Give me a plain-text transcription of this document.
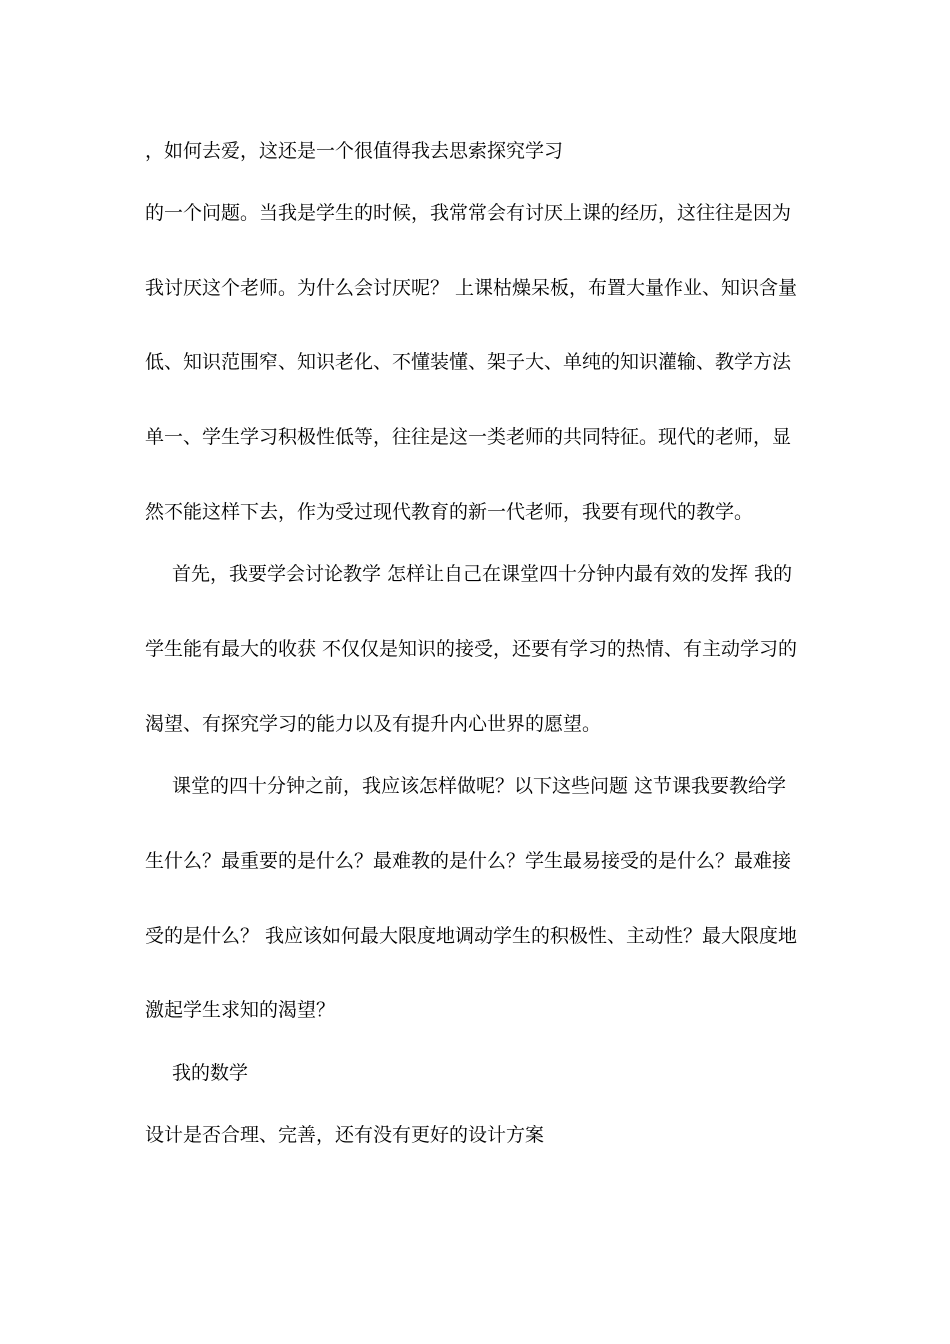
，如何去爱，这还是一个很值得我去思索探究学习
的一个问题。当我是学生的时候，我常常会有讨厌上课的经历，这往往是因为
我讨厌这个老师。为什么会讨厌呢？ 上课枯燥呆板，布置大量作业、知识含量
低、知识范围窄、知识老化、不懂装懂、架子大、单纯的知识灌输、教学方法
单一、学生学习积极性低等，往往是这一类老师的共同特征。现代的老师，显
然不能这样下去，作为受过现代教育的新一代老师，我要有现代的教学。
首先，我要学会讨论教学 怎样让自己在课堂四十分钟内最有效的发挥 我的
学生能有最大的收获 不仅仅是知识的接受，还要有学习的热情、有主动学习的
渴望、有探究学习的能力以及有提升内心世界的愿望。
课堂的四十分钟之前，我应该怎样做呢？以下这些问题 这节课我要教给学
生什么？最重要的是什么？最难教的是什么？学生最易接受的是什么？最难接
受的是什么？ 我应该如何最大限度地调动学生的积极性、主动性？最大限度地
激起学生求知的渴望？
我的数学
设计是否合理、完善，还有没有更好的设计方案
